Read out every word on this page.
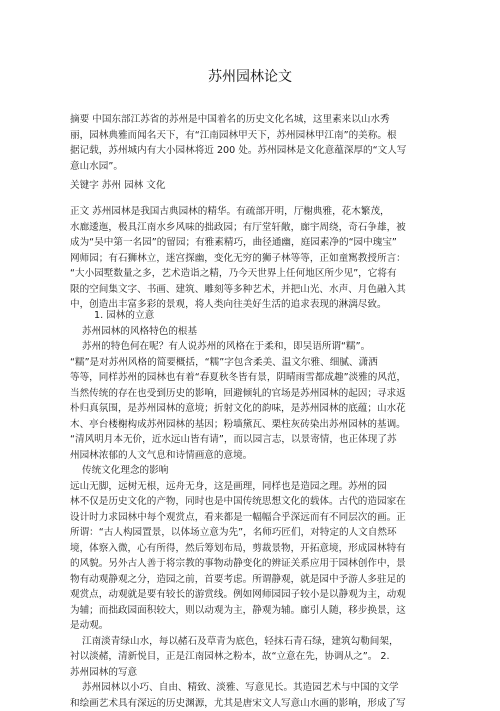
苏州园林论文
摘要 中国东部江苏省的苏州是中国着名的历史文化名城，这里素来以山水秀
丽，园林典雅而闻名天下，有“江南园林甲天下，苏州园林甲江南”的美称。根
据记载，苏州城内有大小园林将近 200 处。苏州园林是文化意蕴深厚的“文人写
意山水园”。
关键字 苏州 园林 文化
正文 苏州园林是我国古典园林的精华。有疏部开明，厅榭典雅，花木繁茂，
水廊逶迤，极具江南水乡风味的拙政园；有厅堂轩敞，廊宇周绕，奇石争雄，被
成为“吴中第一名园”的留园；有雅素精巧，曲径通幽，庭园素净的“园中瑰宝”
网师园；有石狮林立，迷宫探幽，变化无穷的狮子林等等，正如童寯教授所言：
“大小园墅数量之多，艺术造诣之精，乃今天世界上任何地区所少见”，它将有
限的空间集文字、书画、建筑、雕刻等多种艺术，并把山光、水声、月色融入其
中，创造出丰富多彩的景观，将人类向往美好生活的追求表现的淋漓尽致。
1. 园林的立意
苏州园林的风格特色的根基
苏州的特色何在呢？有人说苏州的风格在于柔和，即吴语所谓“糯”。
“糯”是对苏州风格的简要概括，“糯”字包含柔美、温文尔雅、细腻、潇洒
等等，同样苏州的园林也有着“春夏秋冬皆有景，阴晴雨雪都成趣”淡雅的风范，
当然传统的存在也受到历史的影响，回避倾轧的官场是苏州园林的起因；寻求返
朴归真氛围，是苏州园林的意境；折射文化的韵味，是苏州园林的底蕴；山水花
木、亭台楼榭构成苏州园林的基因；粉墙黛瓦、栗柱灰砖染出苏州园林的基调。
“清风明月本无价，近水远山皆有请”，而以园言志，以景寄情，也正体现了苏
州园林浓郁的人文气息和诗情画意的意境。
传统文化理念的影响
远山无脚，远树无根，远舟无身，这是画理，同样也是造园之理。苏州的园
林不仅是历史文化的产物，同时也是中国传统思想文化的载体。古代的造园家在
设计时力求园林中每个观赏点，看来都是一幅幅合乎深远而有不同层次的画。正
所谓：“古人构园置景，以体场立意为先”，名师巧匠们，对特定的人文自然环
境，体察入微，心有所得，然后筹划布局，剪裁景物，开拓意境，形成园林特有
的风貌。另外古人善于将宗教的事物动静变化的辨证关系应用于园林创作中，景
物有动观静观之分，造园之前，首要考虑。所谓静观，就是园中予游人多驻足的
观赏点，动观就是要有较长的游赏线。例如网师园园子较小是以静观为主，动观
为辅；而拙政园面积较大，则以动观为主，静观为辅。廊引人随，移步换景，这
是动观。
江南淡青绿山水，每以赭石及草青为底色，轻抹石青石绿，建筑勾勒间架，
衬以淡赭，清新悦目，正是江南园林之粉本，故“立意在先，协调从之”。 2.
苏州园林的写意
苏州园林以小巧、自由、精致、淡雅、写意见长。其造园艺术与中国的文学
和绘画艺术具有深远的历史渊源，尤其是唐宋文人写意山水画的影响，形成了写
